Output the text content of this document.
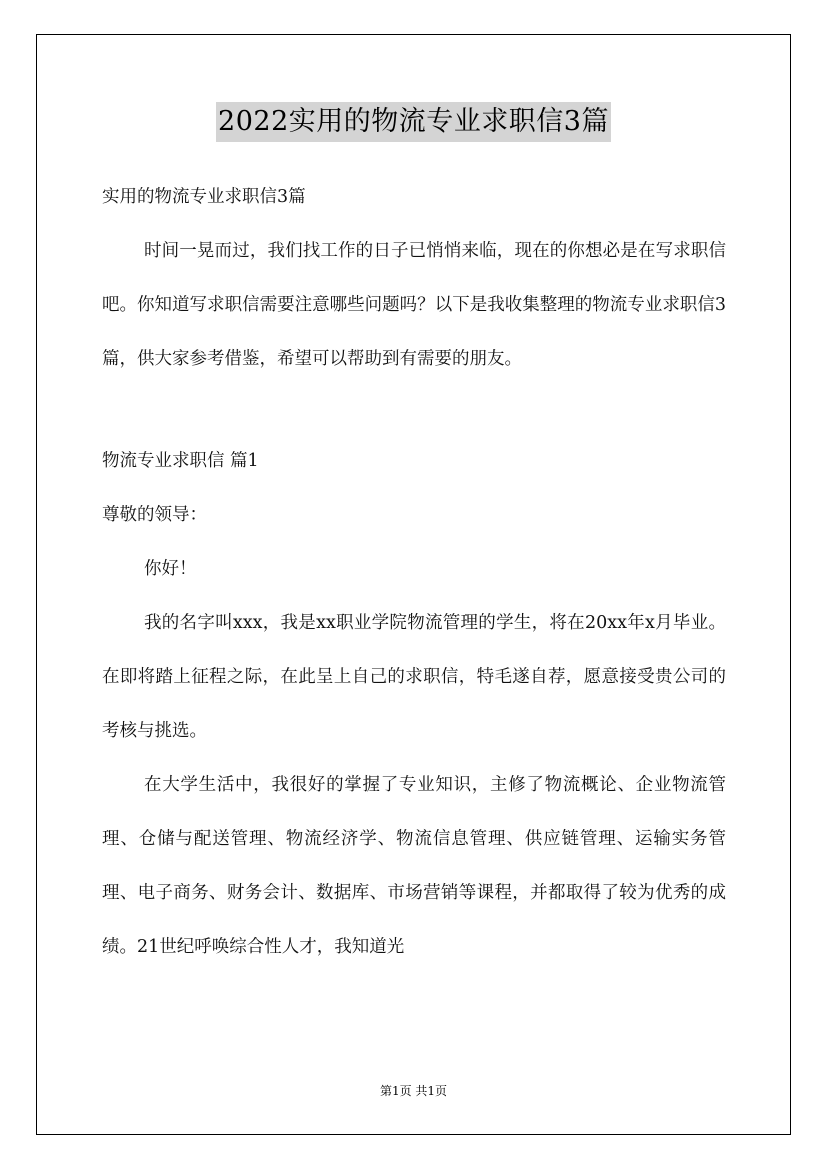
2022实用的物流专业求职信3篇

实用的物流专业求职信3篇

时间一晃而过，我们找工作的日子已悄悄来临，现在的你想必是在写求职信吧。你知道写求职信需要注意哪些问题吗？以下是我收集整理的物流专业求职信3篇，供大家参考借鉴，希望可以帮助到有需要的朋友。

物流专业求职信 篇1

尊敬的领导：

你好！

我的名字叫xxx，我是xx职业学院物流管理的学生，将在20xx年x月毕业。在即将踏上征程之际，在此呈上自己的求职信，特毛遂自荐，愿意接受贵公司的考核与挑选。

在大学生活中，我很好的掌握了专业知识，主修了物流概论、企业物流管理、仓储与配送管理、物流经济学、物流信息管理、供应链管理、运输实务管理、电子商务、财务会计、数据库、市场营销等课程，并都取得了较为优秀的成绩。21世纪呼唤综合性人才，我知道光

第1页 共1页
